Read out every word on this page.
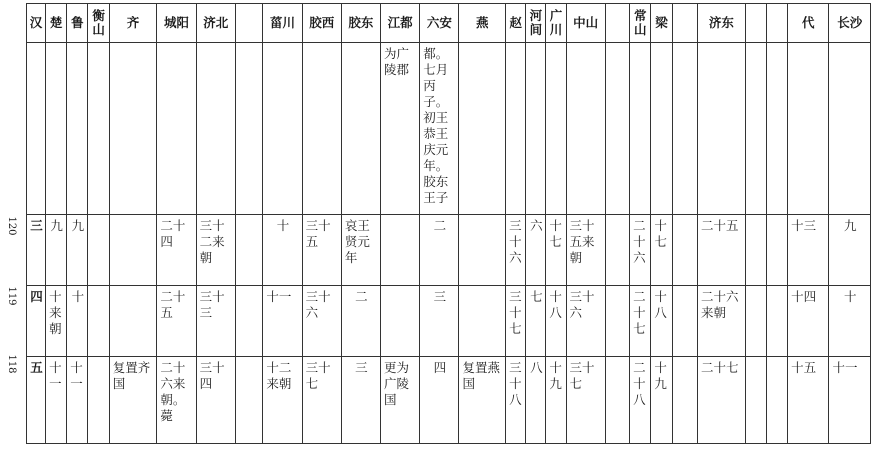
120
119
118
汉	楚	鲁	衡山	齐	城阳	济北		菑川	胶西	胶东	江都	六安	燕	赵	河间	广川	中山		常山	梁		济东			代	长沙

											为广陵郡	都。七月丙子。初王恭王庆元年。胶东王子														

三	九	九			二十四	三十二来朝		十	三十五	哀王贤元年		二		三十六	六	十七	三十五来朝		二十六	十七		二十五			十三	九

四	十来朝	十			二十五	三十三		十一	三十六	二		三		三十七	七	十八	三十六		二十七	十八		二十六来朝			十四	十

五	十一	十一		复置齐国	二十六来朝。薨	三十四		十二来朝	三十七	三	更为广陵国	四	复置燕国	三十八	八	十九	三十七		二十八	十九		二十七			十五	十一
